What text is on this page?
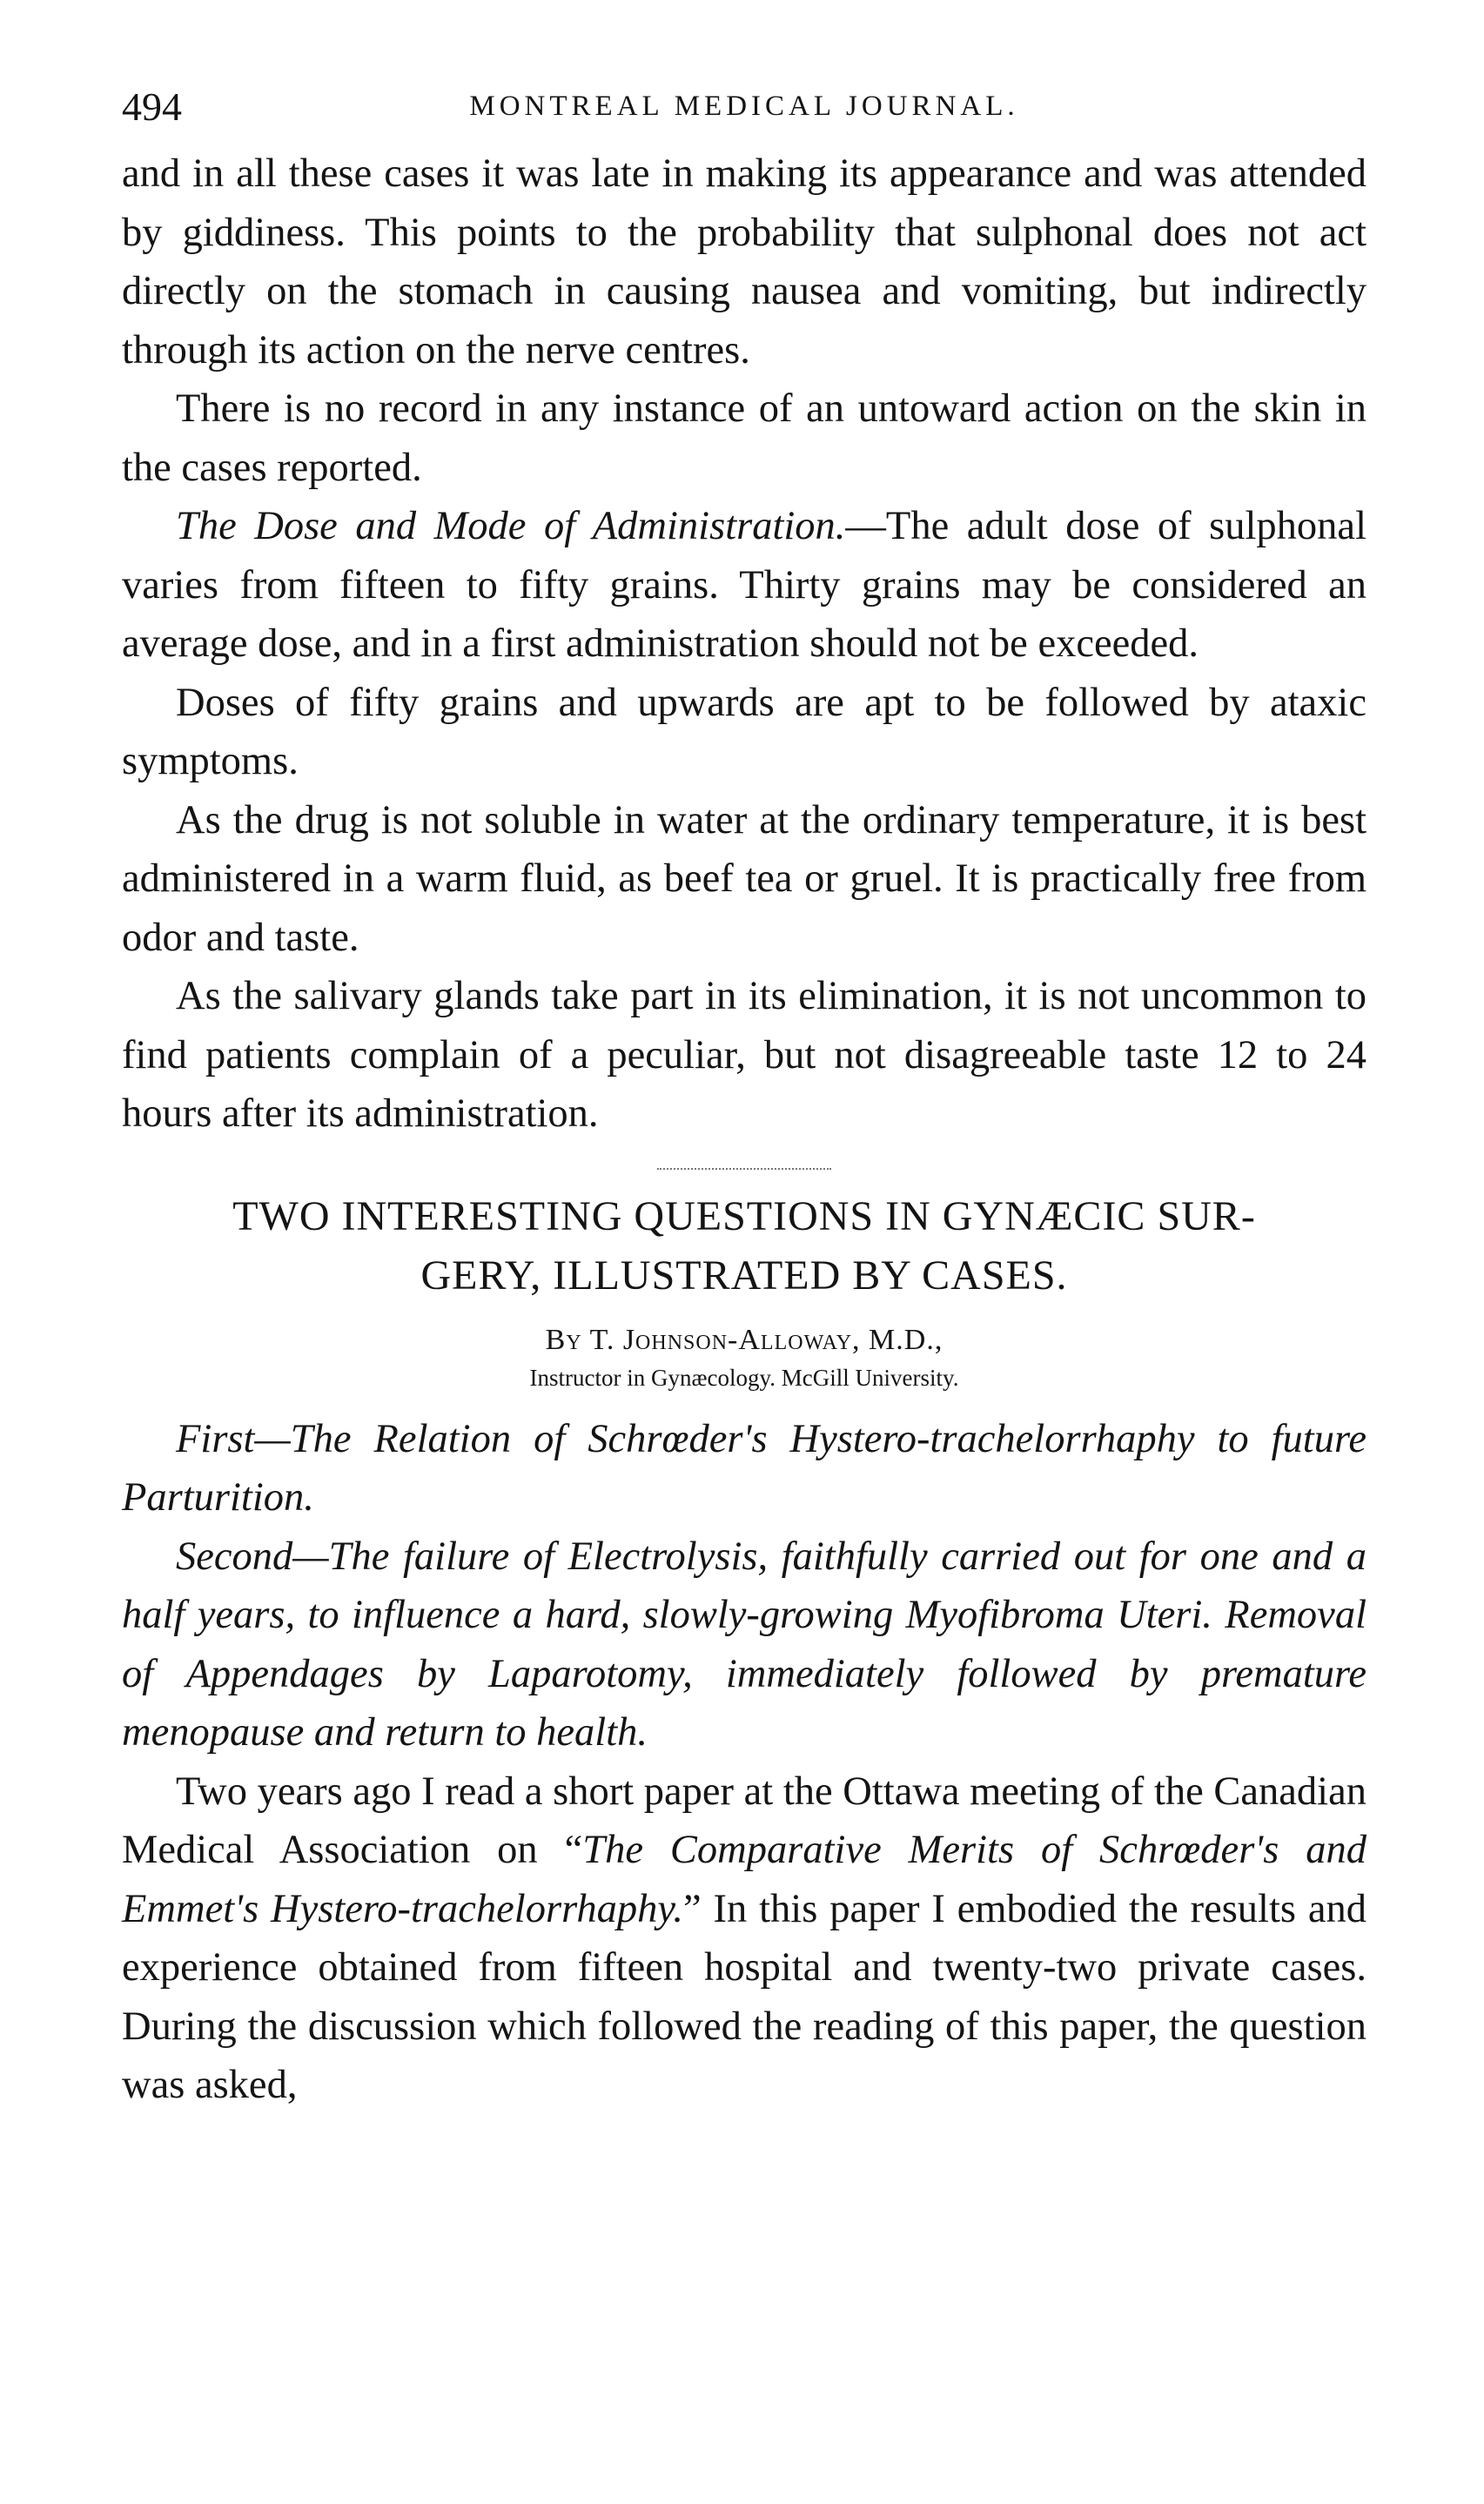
494	MONTREAL MEDICAL JOURNAL.

and in all these cases it was late in making its appearance and was attended by giddiness. This points to the probability that sulphonal does not act directly on the stomach in causing nausea and vomiting, but indirectly through its action on the nerve centres.

There is no record in any instance of an untoward action on the skin in the cases reported.

The Dose and Mode of Administration.—The adult dose of sulphonal varies from fifteen to fifty grains. Thirty grains may be considered an average dose, and in a first administration should not be exceeded.

Doses of fifty grains and upwards are apt to be followed by ataxic symptoms.

As the drug is not soluble in water at the ordinary temperature, it is best administered in a warm fluid, as beef tea or gruel. It is practically free from odor and taste.

As the salivary glands take part in its elimination, it is not uncommon to find patients complain of a peculiar, but not disagreeable taste 12 to 24 hours after its administration.

TWO INTERESTING QUESTIONS IN GYNÆCIC SUR-

GERY, ILLUSTRATED BY CASES.

By T. Johnson-Alloway, M.D.,
Instructor in Gynæcology. McGill University.

First—The Relation of Schrœder's Hystero-trachelorrhaphy to future Parturition.

Second—The failure of Electrolysis, faithfully carried out for one and a half years, to influence a hard, slowly-growing Myofibroma Uteri. Removal of Appendages by Laparotomy, immediately followed by premature menopause and return to health.

Two years ago I read a short paper at the Ottawa meeting of the Canadian Medical Association on “The Comparative Merits of Schrœder's and Emmet's Hystero-trachelorrhaphy.” In this paper I embodied the results and experience obtained from fifteen hospital and twenty-two private cases. During the discussion which followed the reading of this paper, the question was asked,
